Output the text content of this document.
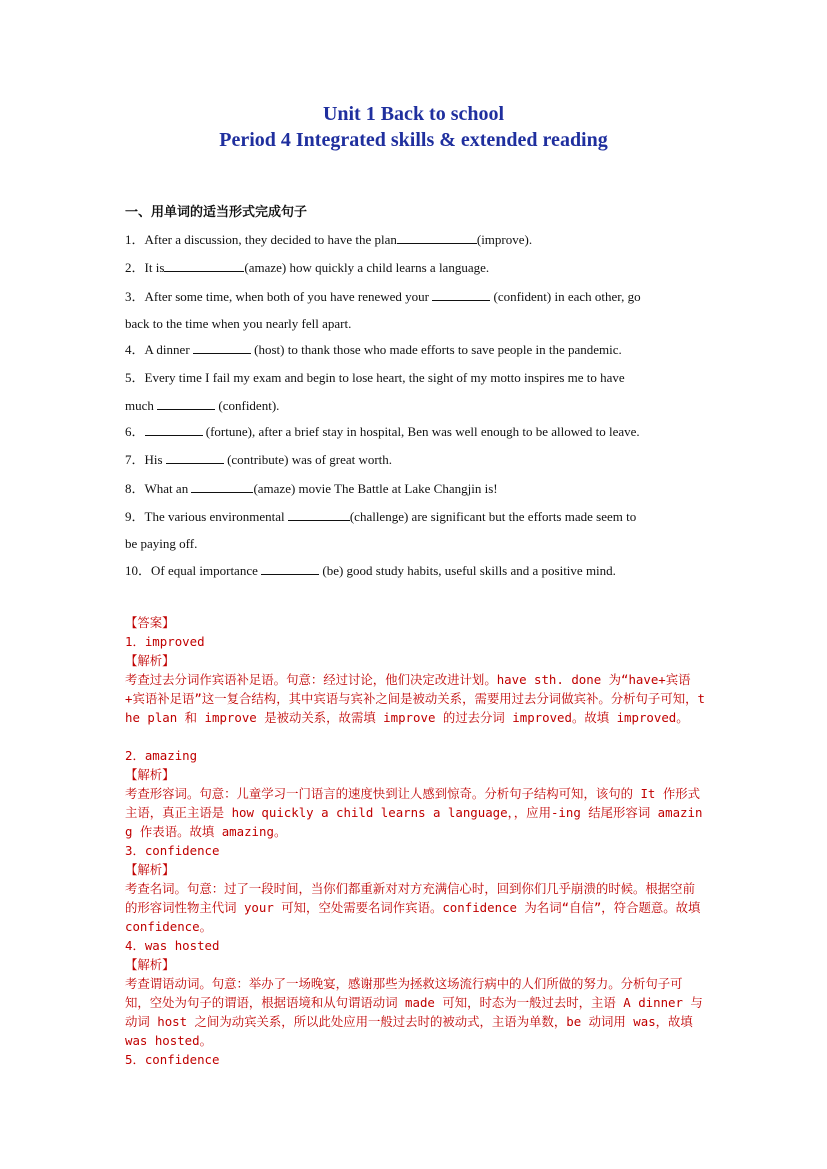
Unit 1 Back to school
Period 4 Integrated skills & extended reading
一、用单词的适当形式完成句子
1．After a discussion, they decided to have the plan	(improve).
2．It is	(amaze) how quickly a child learns a language.
3．After some time, when both of you have renewed your	(confident) in each other, go
back to the time when you nearly fell apart.
4．A dinner	(host) to thank those who made efforts to save people in the pandemic.
5．Every time I fail my exam and begin to lose heart, the sight of my motto inspires me to have
much	(confident).
6．	(fortune), after a brief stay in hospital, Ben was well enough to be allowed to leave.
7．His	(contribute) was of great worth.
8．What an	(amaze) movie The Battle at Lake Changjin is!
9．The various environmental	(challenge) are significant but the efforts made seem to
be paying off.
10．Of equal importance	(be) good study habits, useful skills and a positive mind.
【答案】
1．improved
【解析】
考查过去分词作宾语补足语。句意：经过讨论，他们决定改进计划。have sth. done 为“have+宾语+宾语补足语”这一复合结构，其中宾语与宾补之间是被动关系，需要用过去分词做宾补。分析句子可知，the plan 和 improve 是被动关系，故需填 improve 的过去分词 improved。故填 improved。
2．amazing
【解析】
考查形容词。句意：儿童学习一门语言的速度快到让人感到惊奇。分析句子结构可知，该句的 It 作形式主语，真正主语是 how quickly a child learns a language，，应用-ing 结尾形容词 amazing 作表语。故填 amazing。
3．confidence
【解析】
考查名词。句意：过了一段时间，当你们都重新对对方充满信心时，回到你们几乎崩溃的时候。根据空前的形容词性物主代词 your 可知，空处需要名词作宾语。confidence 为名词“自信”，符合题意。故填 confidence。
4．was hosted
【解析】
考查谓语动词。句意：举办了一场晚宴，感谢那些为拯救这场流行病中的人们所做的努力。分析句子可知，空处为句子的谓语，根据语境和从句谓语动词 made 可知，时态为一般过去时，主语 A dinner 与动词 host 之间为动宾关系，所以此处应用一般过去时的被动式，主语为单数，be 动词用 was，故填 was hosted。
5．confidence
